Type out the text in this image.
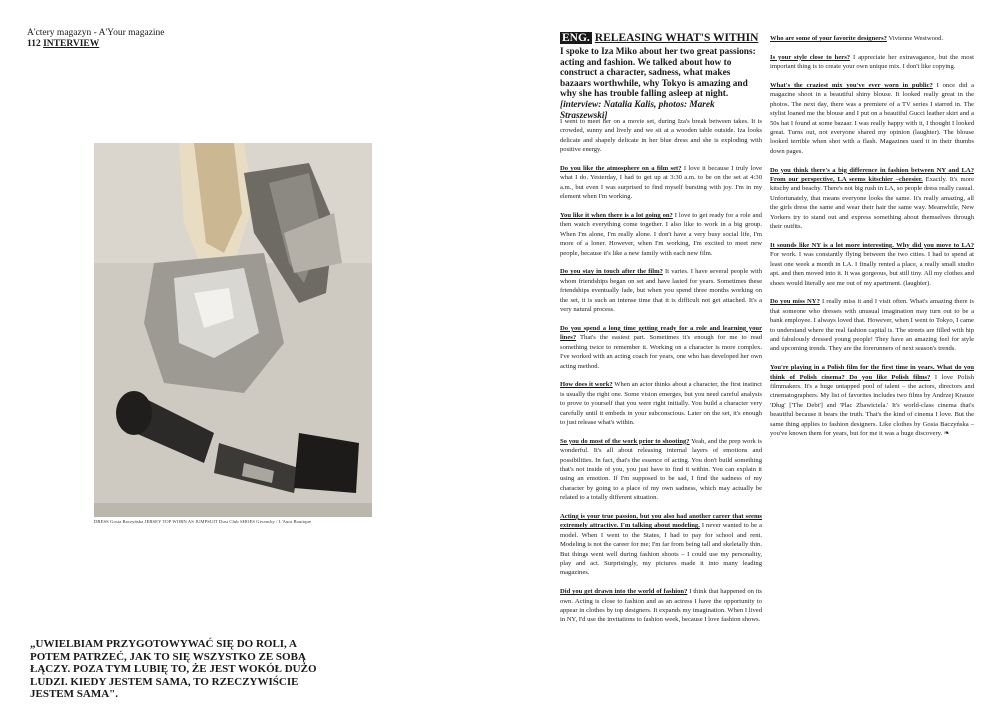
A'ctery magazyn - A'Your magazine
112 INTERVIEW
DRESS Gosia Baczyńska JERSEY TOP WORN AS JUMPSUIT Dust Club SHOES Givenchy / L'Aura Boutique
„UWIELBIAM PRZYGOTOWYWAĆ SIĘ DO ROLI, A POTEM PATRZEĆ, JAK TO SIĘ WSZYSTKO ZE SOBĄ ŁĄCZY. POZA TYM LUBIĘ TO, ŻE JEST WOKÓŁ DUŻO LUDZI. KIEDY JESTEM SAMA, TO RZECZYWIŚCIE JESTEM SAMA".
ENG. RELEASING WHAT'S WITHIN
I spoke to Iza Miko about her two great passions: acting and fashion. We talked about how to construct a character, sadness, what makes bazaars worthwhile, why Tokyo is amazing and why she has trouble falling asleep at night. [interview: Natalia Kalis, photos: Marek Straszewski]

I went to meet her on a movie set, during Iza's break between takes. It is crowded, sunny and lively and we sit at a wooden table outside. Iza looks delicate and shapely delicate in her blue dress and she is exploding with positive energy.

Do you like the atmosphere on a film set? I love it because I truly love what I do. Yesterday, I had to get up at 3:30 a.m. to be on the set at 4:30 a.m., but even I was surprised to find myself bursting with joy. I'm in my element when I'm working.

You like it when there is a lot going on? I love to get ready for a role and then watch everything come together. I also like to work in a big group. When I'm alone, I'm really alone. I don't have a very busy social life, I'm more of a loner. However, when I'm working, I'm excited to meet new people, because it's like a new family with each new film.

Do you stay in touch after the film? It varies. I have several people with whom friendships began on set and have lasted for years. Sometimes these friendships eventually fade, but when you spend three months working on the set, it is such an intense time that it is difficult not get attached. It's a very natural process.

Do you spend a long time getting ready for a role and learning your lines? That's the easiest part. Sometimes it's enough for me to read something twice to remember it. Working on a character is more complex. I've worked with an acting coach for years, one who has developed her own acting method.

How does it work? When an actor thinks about a character, the first instinct is usually the right one. Some vision emerges, but you need careful analysis to prove to yourself that you were right initially. You build a character very carefully until it embeds in your subconscious. Later on the set, it's enough to just release what's within.

So you do most of the work prior to shooting? Yeah, and the prep work is wonderful. It's all about releasing internal layers of emotions and possibilities. In fact, that's the essence of acting. You don't build something that's not inside of you, you just have to find it within. You can explain it using an emotion. If I'm supposed to be sad, I find the sadness of my character by going to a place of my own sadness, which may actually be related to a totally different situation.

Acting is your true passion, but you also had another career that seems extremely attractive. I'm talking about modeling. I never wanted to be a model. When I went to the States, I had to pay for school and rent. Modeling is not the career for me; I'm far from being tall and skeletally thin. But things went well during fashion shoots – I could use my personality, play and act. Surprisingly, my pictures made it into many leading magazines.

Did you get drawn into the world of fashion? I think that happened on its own. Acting is close to fashion and as an actress I have the opportunity to appear in clothes by top designers. It expands my imagination. When I lived in NY, I'd use the invitations to fashion week, because I love fashion shows.

Who are some of your favorite designers? Vivienne Westwood.

Is your style close to hers? I appreciate her extravagance, but the most important thing is to create your own unique mix. I don't like copying.

What's the craziest mix you've ever worn in public? I once did a magazine shoot in a beautiful shiny blouse. It looked really great in the photos. The next day, there was a premiere of a TV series I starred in. The stylist loaned me the blouse and I put on a beautiful Gucci leather skirt and a 50s hat I found at some bazaar. I was really happy with it, I thought I looked great. Turns out, not everyone shared my opinion (laughter). The blouse looked terrible when shot with a flash. Magazines used it in their thumbs down pages.

Do you think there's a big difference in fashion between NY and LA? From our perspective, LA seems kitschier –cheesier. Exactly. It's more kitschy and beachy. There's not big rush in LA, so people dress really casual. Unfortunately, that means everyone looks the same. It's really amazing, all the girls dress the same and wear their hair the same way. Meanwhile, New Yorkers try to stand out and express something about themselves through their outfits.

It sounds like NY is a lot more interesting. Why did you move to LA? For work. I was constantly flying between the two cities. I had to spend at least one week a month in LA. I finally rented a place, a really small studio apt. and then moved into it. It was gorgeous, but still tiny. All my clothes and shoes would literally see me out of my apartment. (laughter).

Do you miss NY? I really miss it and I visit often. What's amazing there is that someone who dresses with unusual imagination may turn out to be a bank employee. I always loved that. However, when I went to Tokyo, I came to understand where the real fashion capital is. The streets are filled with hip and fabulously dressed young people! They have an amazing feel for style and upcoming trends. They are the forerunners of next season's trends.

You're playing in a Polish film for the first time in years. What do you think of Polish cinema? Do you like Polish films? I love Polish filmmakers. It's a huge untapped pool of talent – the actors, directors and cinematographers. My list of favorites includes two films by Andrzej Krauze 'Dług' ['The Debt'] and 'Plac Zbawiciela.' It's world-class cinema that's beautiful because it bears the truth. That's the kind of cinema I love. But the same thing applies to fashion designers. Like clothes by Gosia Baczyńska – you've known them for years, but for me it was a huge discovery. ❧
